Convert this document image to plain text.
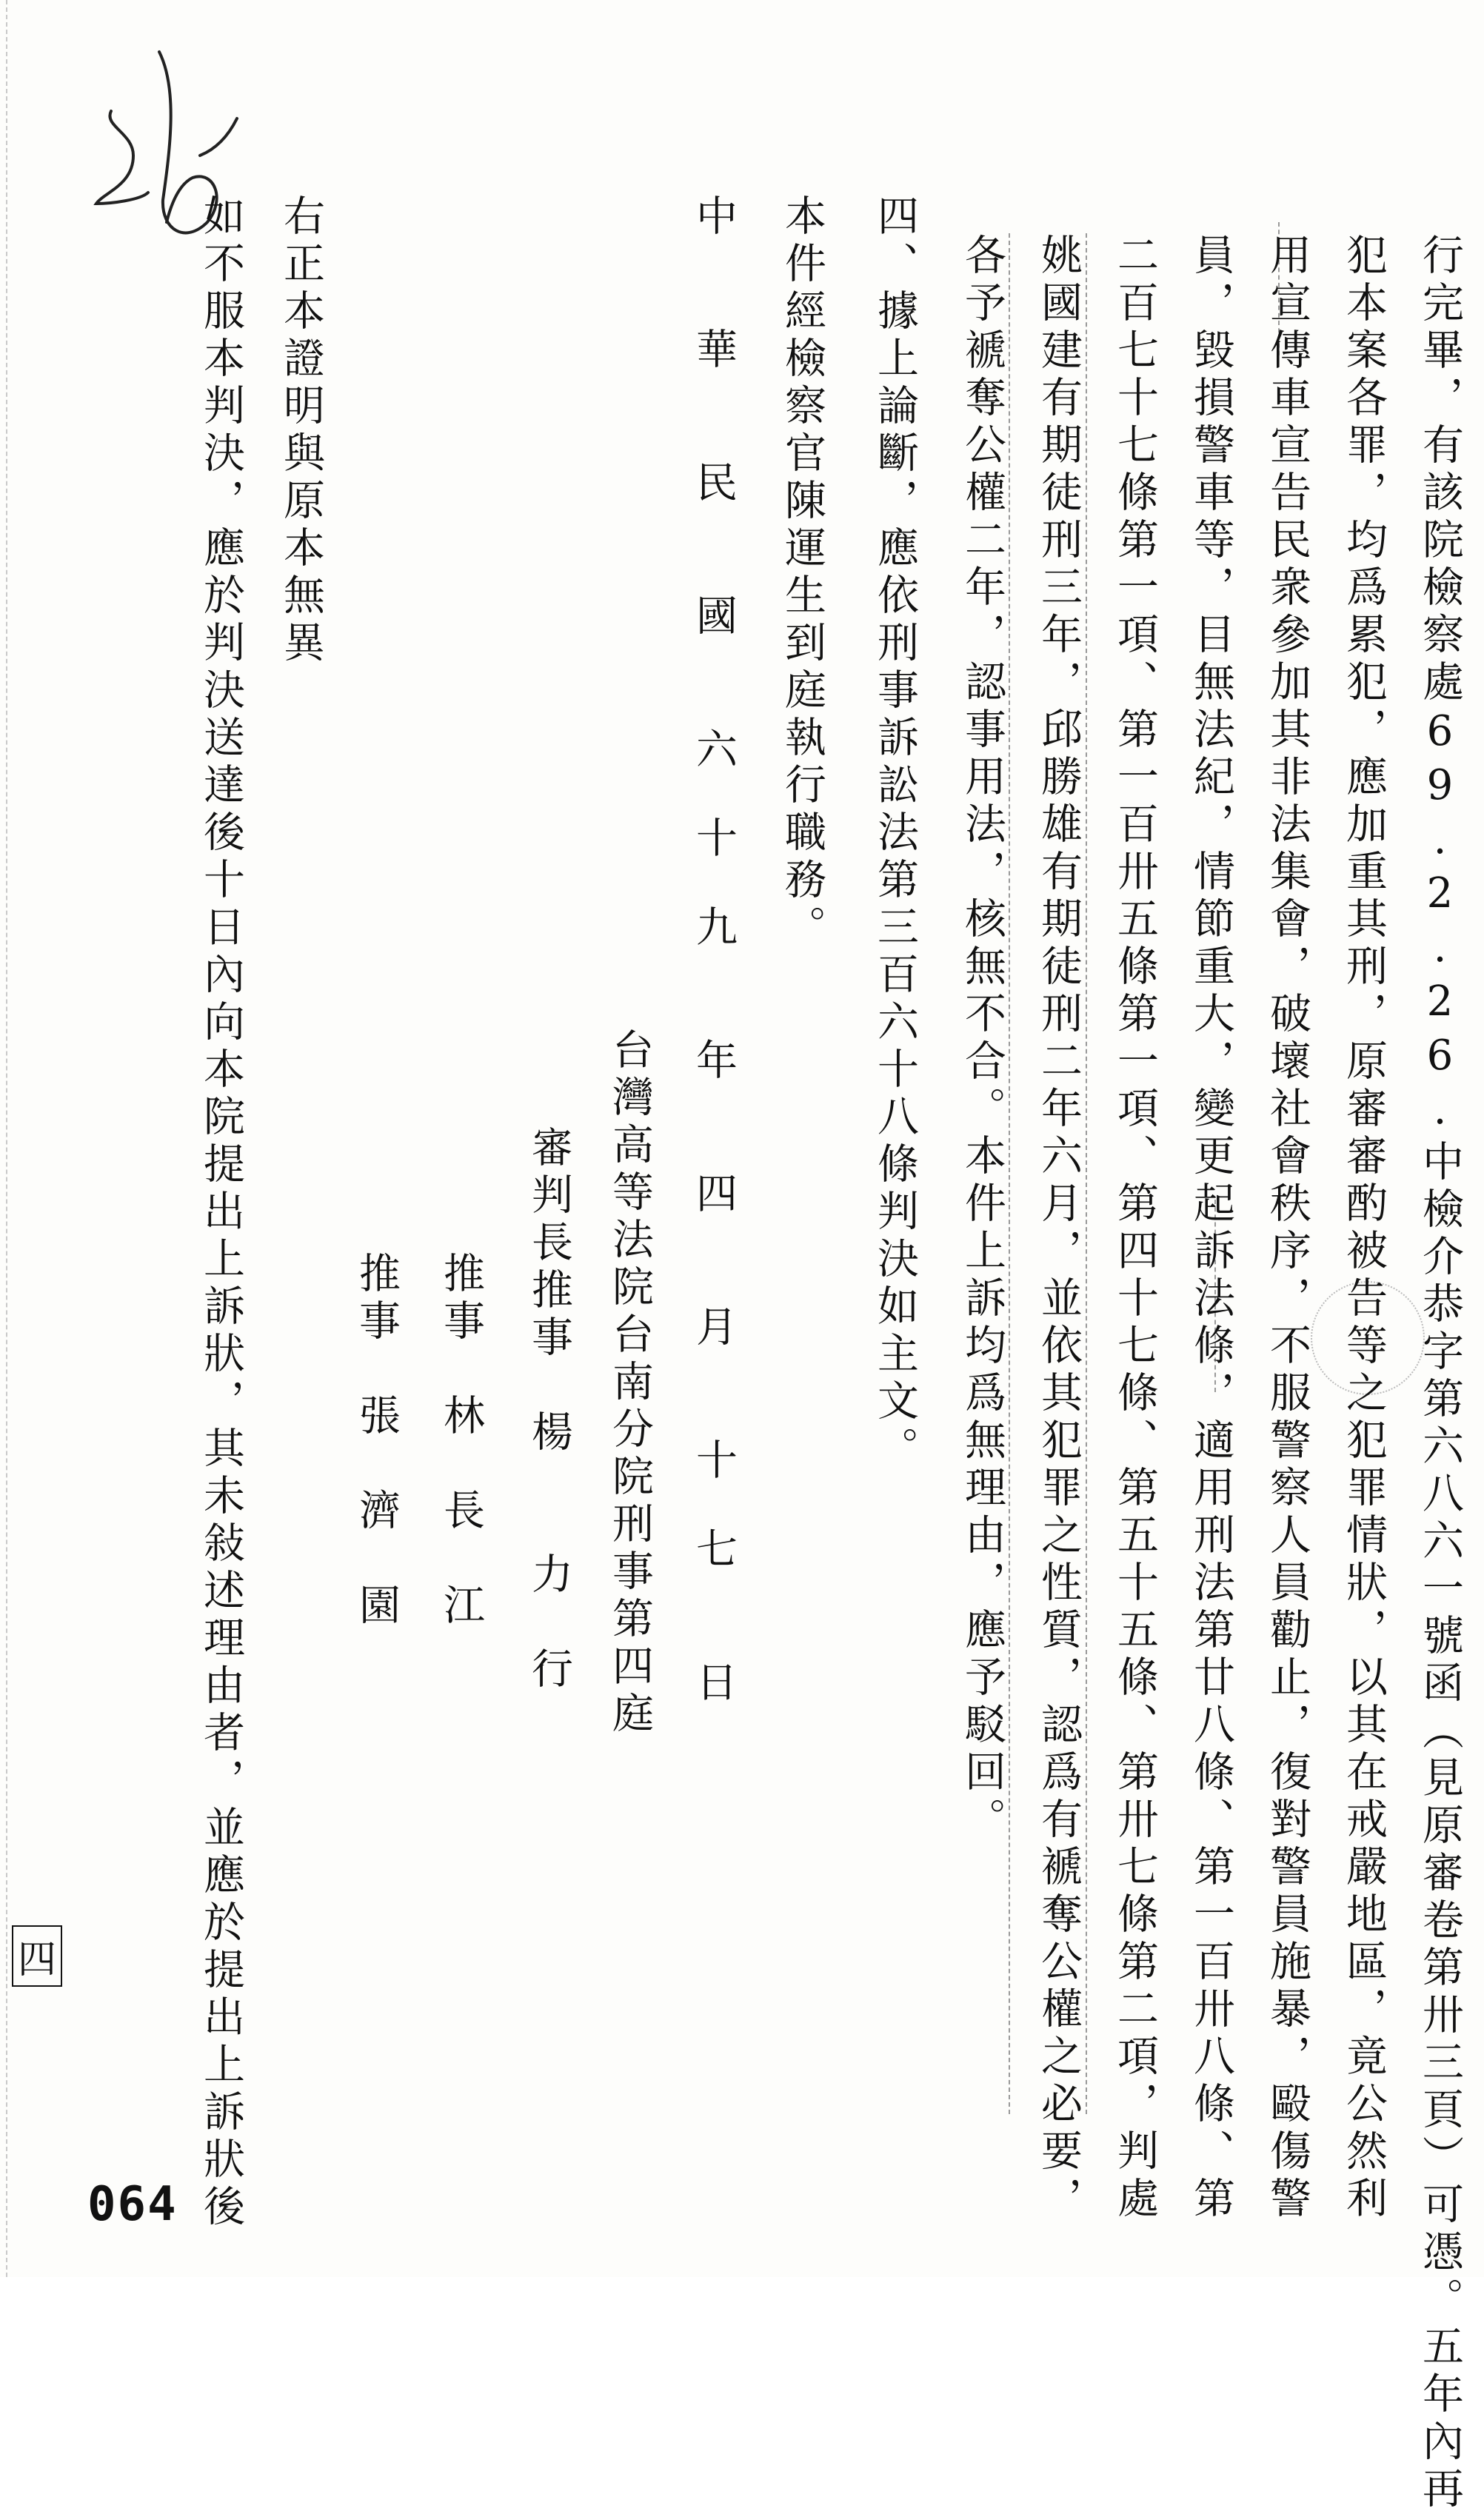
行完畢，有該院檢察處69.2.26.中檢介恭字第六八六一號函（見原審卷第卅三頁）可憑。五年內再
犯本案各罪，均爲累犯，應加重其刑，原審審酌被告等之犯罪情狀，以其在戒嚴地區，竟公然利
用宣傳車宣告民衆參加其非法集會，破壞社會秩序，不服警察人員勸止，復對警員施暴，毆傷警
員，毀損警車等，目無法紀，情節重大，變更起訴法條，適用刑法第廿八條、第一百卅八條、第
二百七十七條第一項、第一百卅五條第一項、第四十七條、第五十五條、第卅七條第二項，判處
姚國建有期徒刑三年，邱勝雄有期徒刑二年六月，並依其犯罪之性質，認爲有褫奪公權之必要，
各予褫奪公權二年，認事用法，核無不合。本件上訴均爲無理由，應予駁回。
四、據上論斷，應依刑事訴訟法第三百六十八條判決如主文。
本件經檢察官陳運生到庭執行職務。
中　　華　　民　　國　　六　十　九　　年　　四　　月　　十　七　　日
台灣高等法院台南分院刑事第四庭
審判長推事　楊　　力　行
推事　林　長　江
推事　張　濟　園
右正本證明與原本無異
如不服本判決，應於判決送達後十日內向本院提出上訴狀，其未敍述理由者，並應於提出上訴狀後
四
064
